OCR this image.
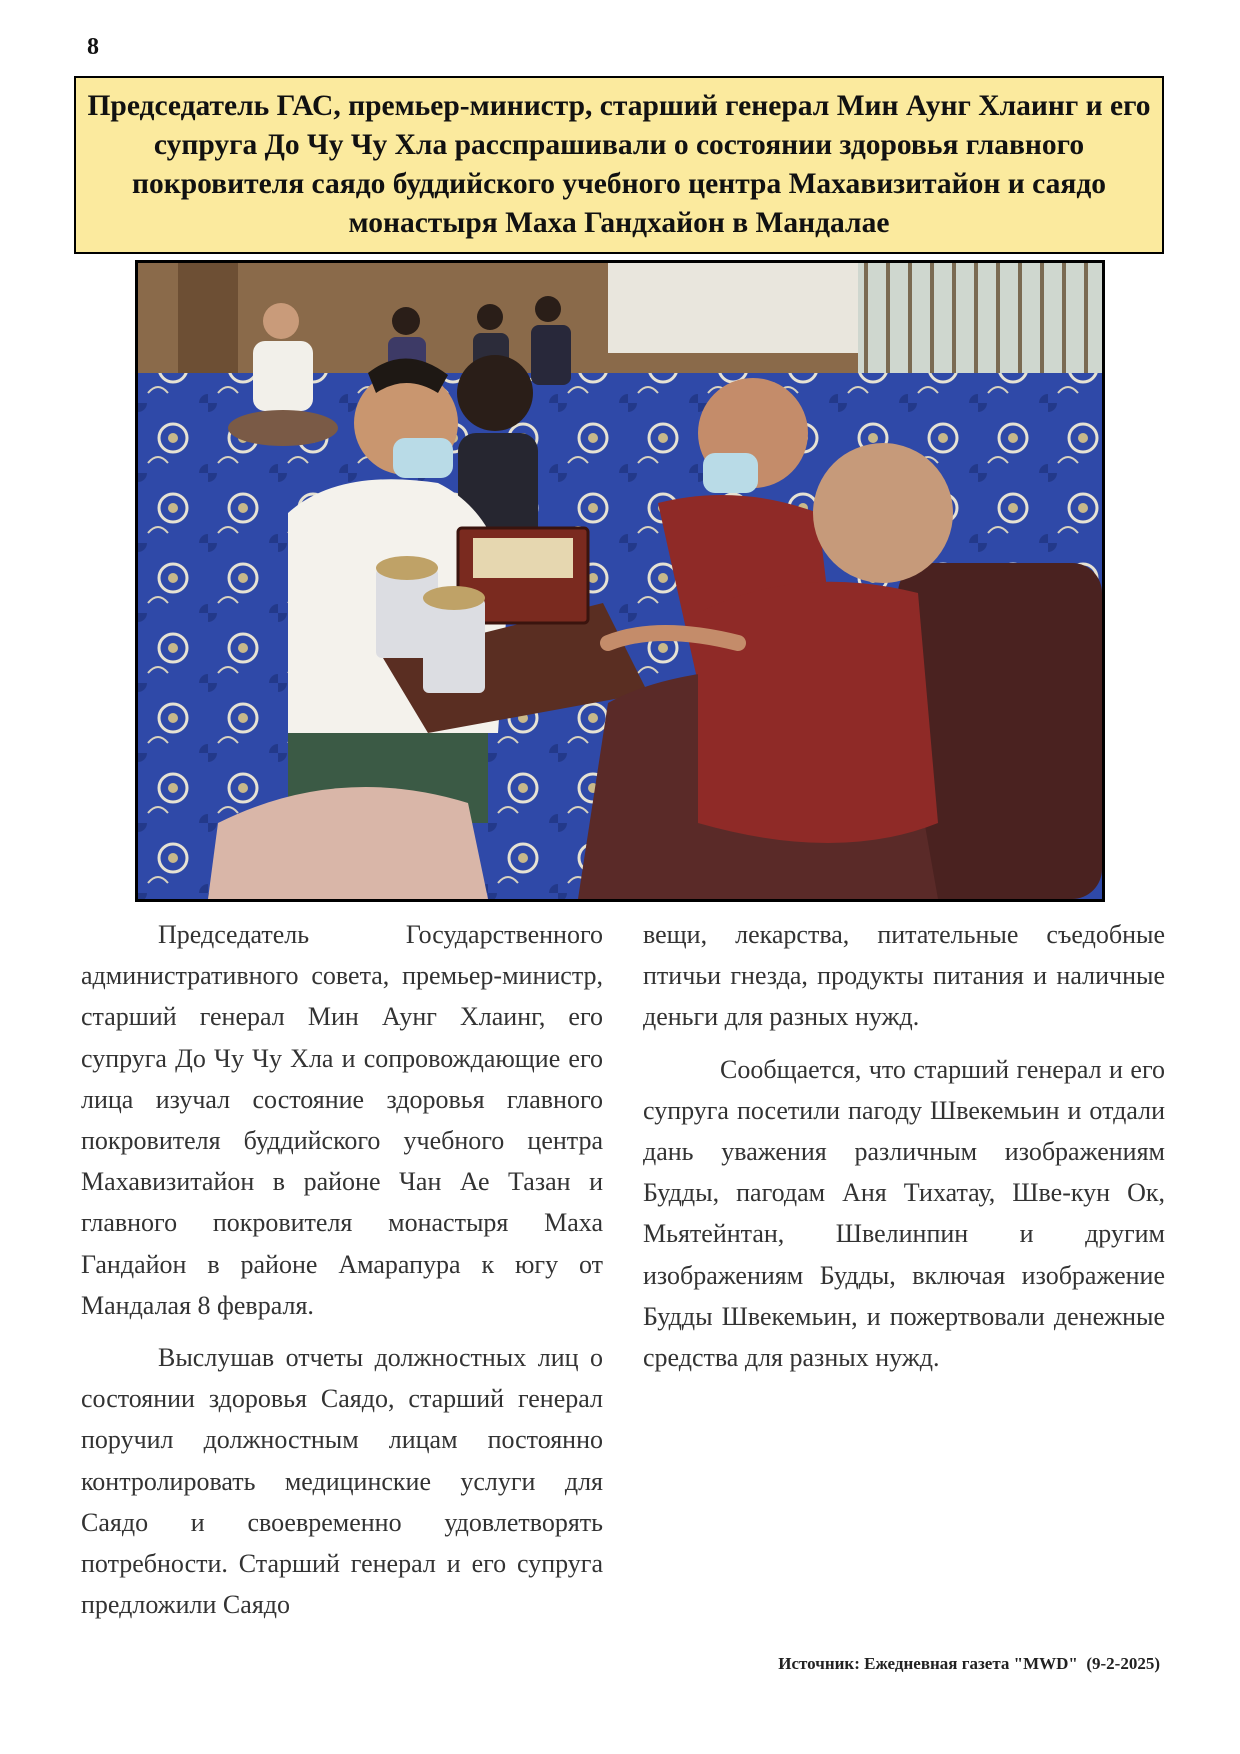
8
Председатель ГАС, премьер-министр, старший генерал Мин Аунг Хлаинг и его супруга До Чу Чу Хла расспрашивали о состоянии здоровья главного покровителя саядо буддийского учебного центра Махавизитайон и саядо монастыря Маха Гандхайон в Мандалае

Председатель Государственного административного совета, премьер-министр, старший генерал Мин Аунг Хлаинг, его супруга До Чу Чу Хла и сопровождающие его лица изучал состояние здоровья главного покровителя буддийского учебного центра Махавизитайон в районе Чан Ае Тазан и главного покровителя монастыря Маха Гандайон в районе Амарапура к югу от Мандалая 8 февраля.

Выслушав отчеты должностных лиц о состоянии здоровья Саядо, старший генерал поручил должностным лицам постоянно контролировать медицинские услуги для Саядо и своевременно удовлетворять потребности. Старший генерал и его супруга предложили Саядо

вещи, лекарства, питательные съедобные птичьи гнезда, продукты питания и наличные деньги для разных нужд.

Сообщается, что старший генерал и его супруга посетили пагоду Швекемьин и отдали дань уважения различным изображениям Будды, пагодам Аня Тихатау, Шве-кун Ок, Мьятейнтан, Швелинпин и другим изображениям Будды, включая изображение Будды Швекемьин, и пожертвовали денежные средства для разных нужд.

Источник: Ежедневная газета "MWD"  (9-2-2025)
